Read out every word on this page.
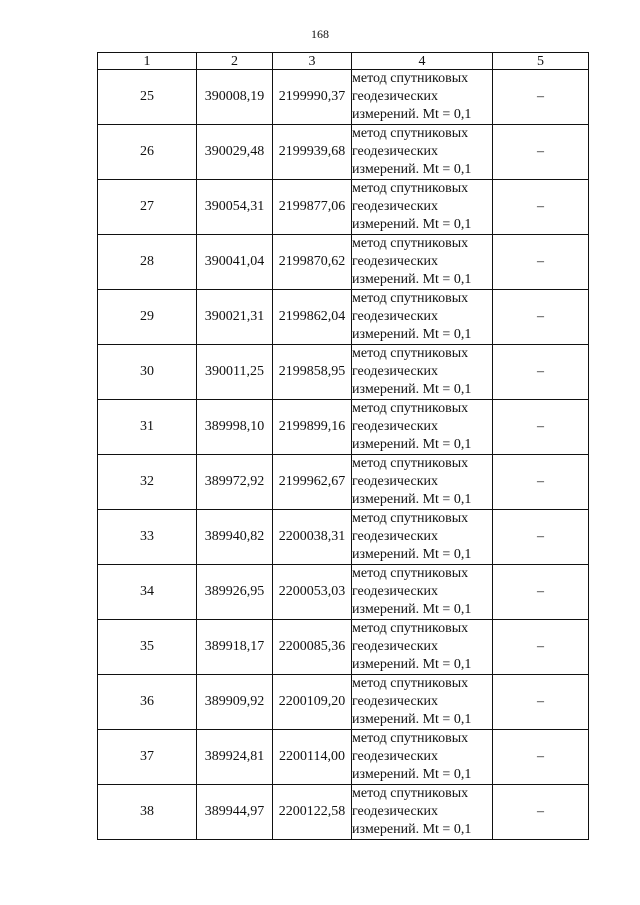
168
1	2	3	4	5
25	390008,19	2199990,37	метод спутниковых
геодезических
измерений. Mt = 0,1	–
26	390029,48	2199939,68	метод спутниковых
геодезических
измерений. Mt = 0,1	–
27	390054,31	2199877,06	метод спутниковых
геодезических
измерений. Mt = 0,1	–
28	390041,04	2199870,62	метод спутниковых
геодезических
измерений. Mt = 0,1	–
29	390021,31	2199862,04	метод спутниковых
геодезических
измерений. Mt = 0,1	–
30	390011,25	2199858,95	метод спутниковых
геодезических
измерений. Mt = 0,1	–
31	389998,10	2199899,16	метод спутниковых
геодезических
измерений. Mt = 0,1	–
32	389972,92	2199962,67	метод спутниковых
геодезических
измерений. Mt = 0,1	–
33	389940,82	2200038,31	метод спутниковых
геодезических
измерений. Mt = 0,1	–
34	389926,95	2200053,03	метод спутниковых
геодезических
измерений. Mt = 0,1	–
35	389918,17	2200085,36	метод спутниковых
геодезических
измерений. Mt = 0,1	–
36	389909,92	2200109,20	метод спутниковых
геодезических
измерений. Mt = 0,1	–
37	389924,81	2200114,00	метод спутниковых
геодезических
измерений. Mt = 0,1	–
38	389944,97	2200122,58	метод спутниковых
геодезических
измерений. Mt = 0,1	–
